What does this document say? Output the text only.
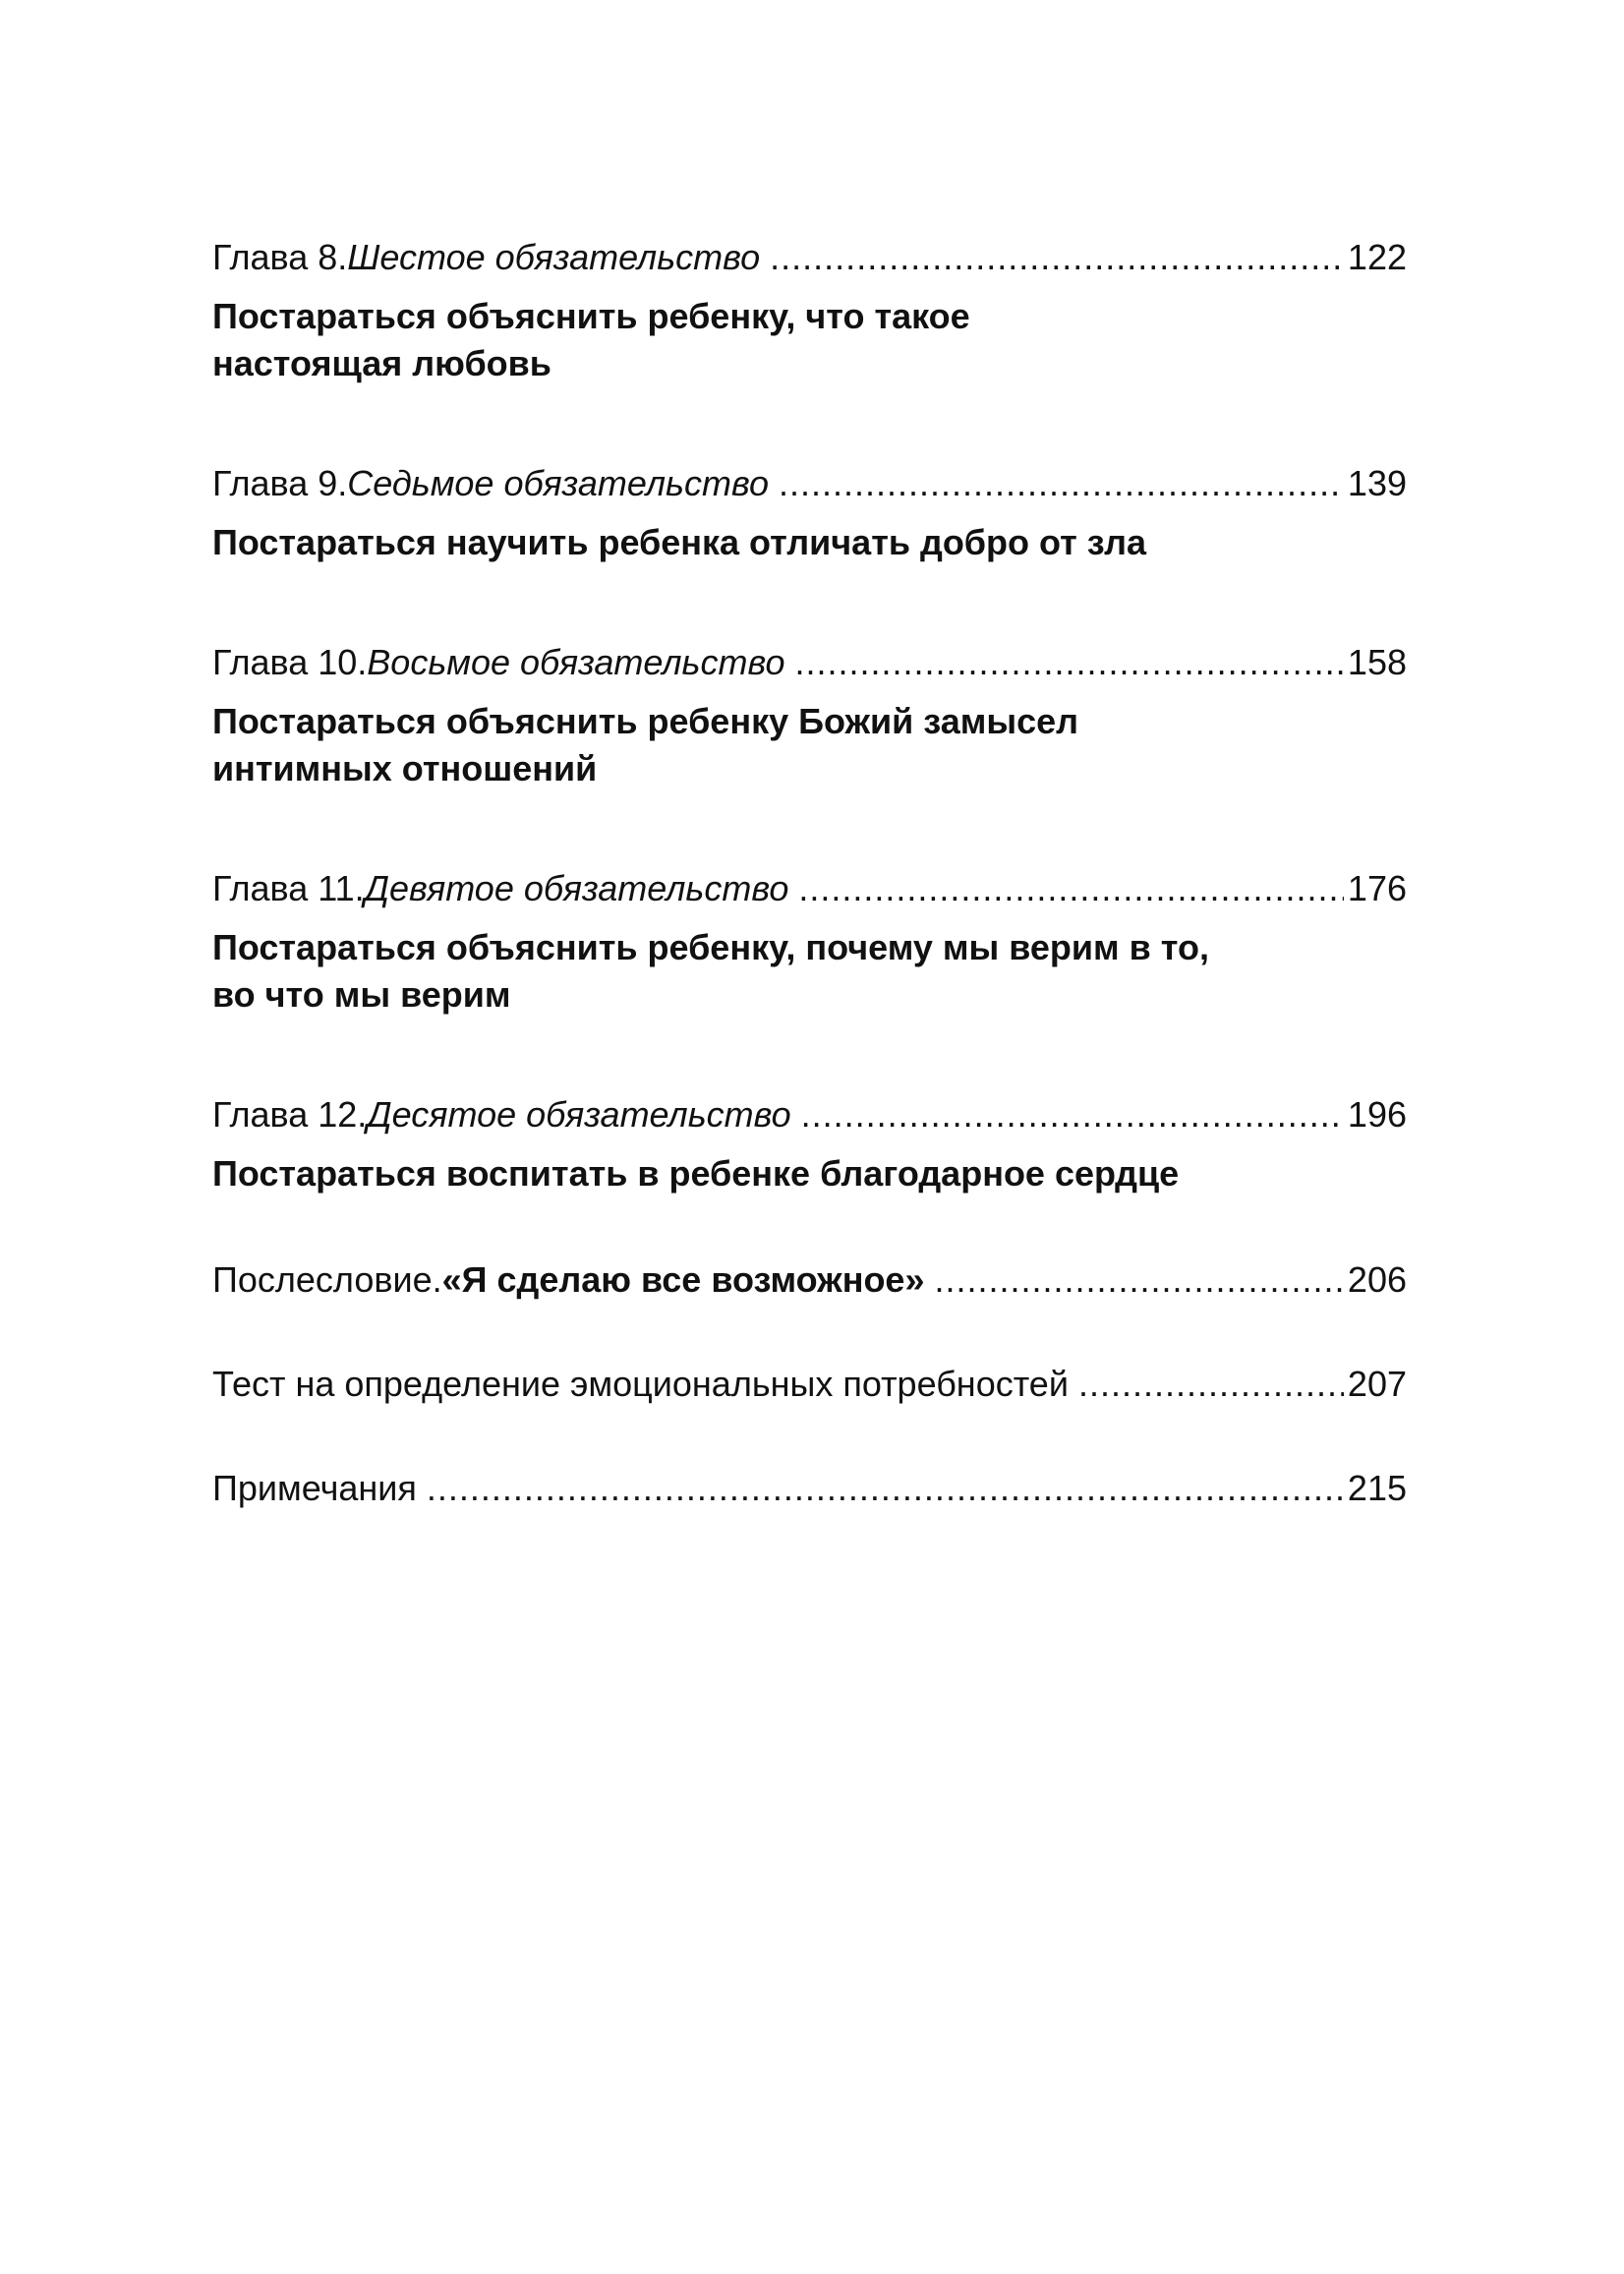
Глава 8. Шестое обязательство .....	122
Постараться объяснить ребенку, что такое
настоящая любовь
Глава 9. Седьмое обязательство .....	139
Постараться научить ребенка отличать добро от зла
Глава 10. Восьмое обязательство .....	158
Постараться объяснить ребенку Божий замысел
интимных отношений
Глава 11. Девятое обязательство .....	176
Постараться объяснить ребенку, почему мы верим в то,
во что мы верим
Глава 12. Десятое обязательство .....	196
Постараться воспитать в ребенке благодарное сердце
Послесловие. «Я сделаю все возможное» .....	206
Тест на определение эмоциональных потребностей .....	207
Примечания .....	215
